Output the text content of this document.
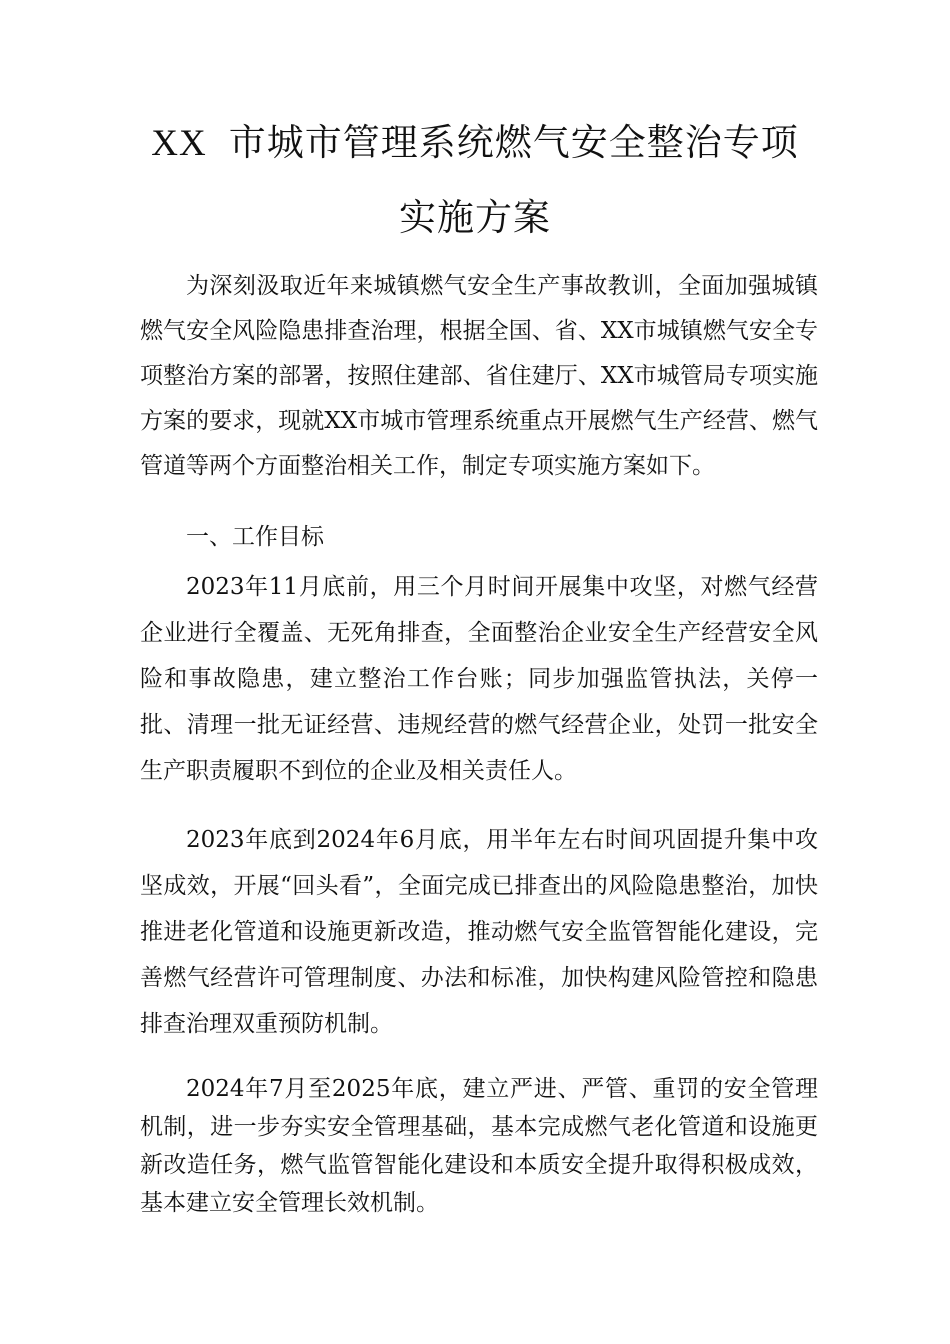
XX 市城市管理系统燃气安全整治专项
实施方案

为深刻汲取近年来城镇燃气安全生产事故教训，全面加强城镇燃气安全风险隐患排查治理，根据全国、省、XX市城镇燃气安全专项整治方案的部署，按照住建部、省住建厅、XX市城管局专项实施方案的要求，现就XX市城市管理系统重点开展燃气生产经营、燃气管道等两个方面整治相关工作，制定专项实施方案如下。

一、工作目标

2023年11月底前，用三个月时间开展集中攻坚，对燃气经营企业进行全覆盖、无死角排查，全面整治企业安全生产经营安全风险和事故隐患，建立整治工作台账；同步加强监管执法，关停一批、清理一批无证经营、违规经营的燃气经营企业，处罚一批安全生产职责履职不到位的企业及相关责任人。

2023年底到2024年6月底，用半年左右时间巩固提升集中攻坚成效，开展“回头看”，全面完成已排查出的风险隐患整治，加快推进老化管道和设施更新改造，推动燃气安全监管智能化建设，完善燃气经营许可管理制度、办法和标准，加快构建风险管控和隐患排查治理双重预防机制。

2024年7月至2025年底，建立严进、严管、重罚的安全管理机制，进一步夯实安全管理基础，基本完成燃气老化管道和设施更新改造任务，燃气监管智能化建设和本质安全提升取得积极成效，基本建立安全管理长效机制。
